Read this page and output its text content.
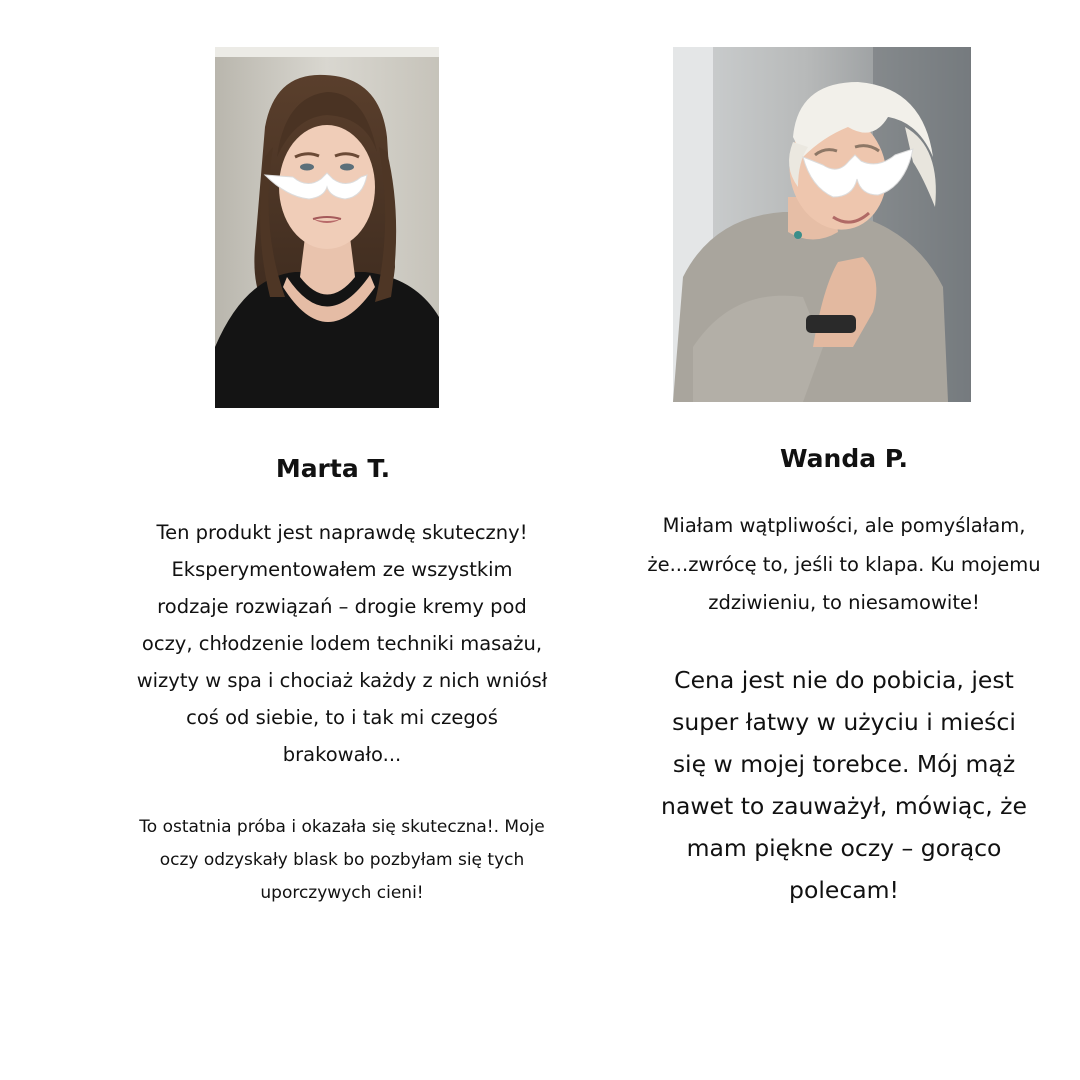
Marta T.

Ten produkt jest naprawdę skuteczny! Eksperymentowałem ze wszystkim rodzaje rozwiązań – drogie kremy pod oczy, chłodzenie lodem techniki masażu, wizyty w spa i chociaż każdy z nich wniósł coś od siebie, to i tak mi czegoś brakowało...

To ostatnia próba i okazała się skuteczna!. Moje oczy odzyskały blask bo pozbyłam się tych uporczywych cieni!

Wanda P.

Miałam wątpliwości, ale pomyślałam, że...zwrócę to, jeśli to klapa. Ku mojemu zdziwieniu, to niesamowite!

Cena jest nie do pobicia, jest super łatwy w użyciu i mieści się w mojej torebce. Mój mąż nawet to zauważył, mówiąc, że mam piękne oczy – gorąco polecam!
